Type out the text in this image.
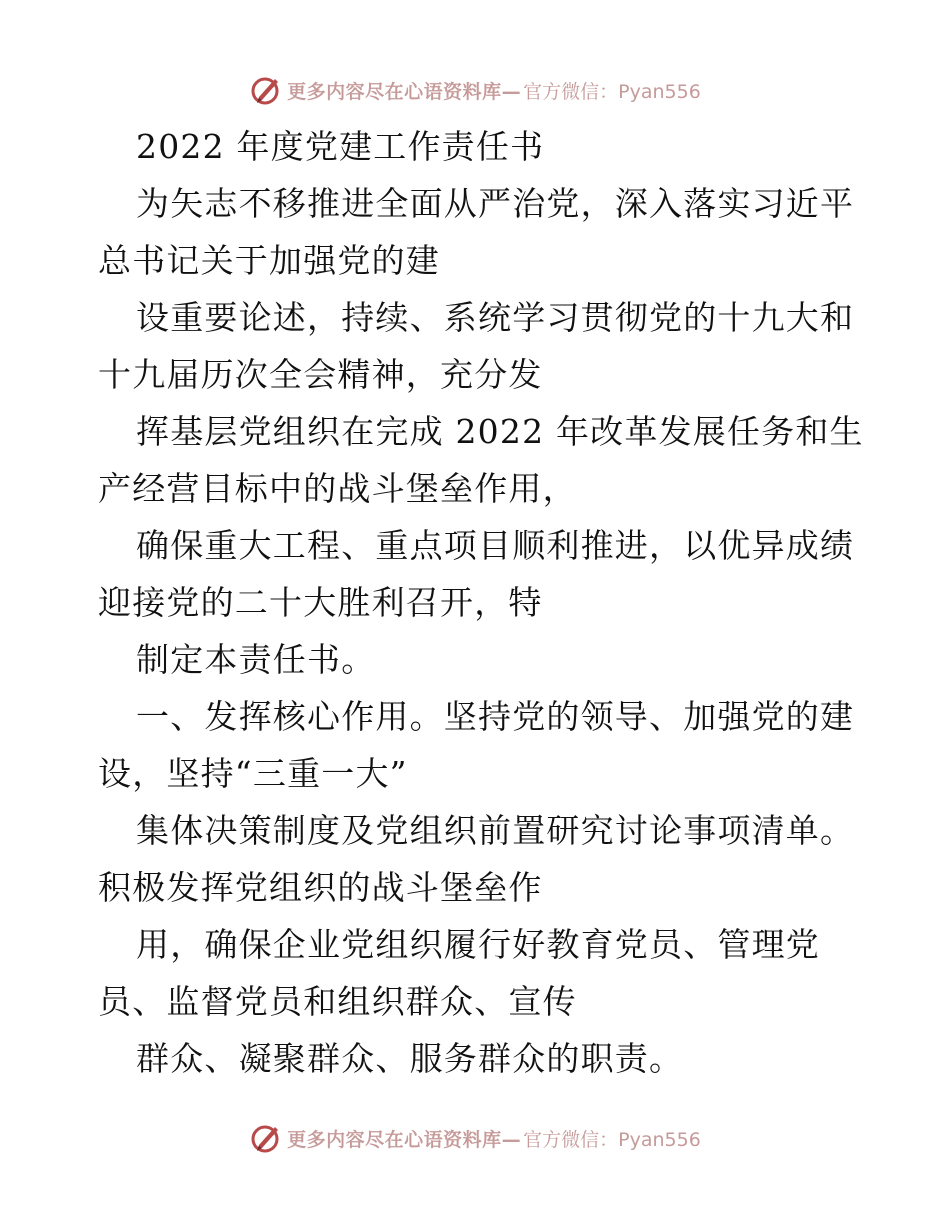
更多内容尽在心语资料库— 官方微信：Pyan556
2022 年度党建工作责任书
为矢志不移推进全面从严治党，深入落实习近平
总书记关于加强党的建
设重要论述，持续、系统学习贯彻党的十九大和
十九届历次全会精神，充分发
挥基层党组织在完成 2022 年改革发展任务和生
产经营目标中的战斗堡垒作用，
确保重大工程、重点项目顺利推进，以优异成绩
迎接党的二十大胜利召开，特
制定本责任书。
一、发挥核心作用。坚持党的领导、加强党的建
设，坚持“三重一大”
集体决策制度及党组织前置研究讨论事项清单。
积极发挥党组织的战斗堡垒作
用，确保企业党组织履行好教育党员、管理党
员、监督党员和组织群众、宣传
群众、凝聚群众、服务群众的职责。
更多内容尽在心语资料库— 官方微信：Pyan556
